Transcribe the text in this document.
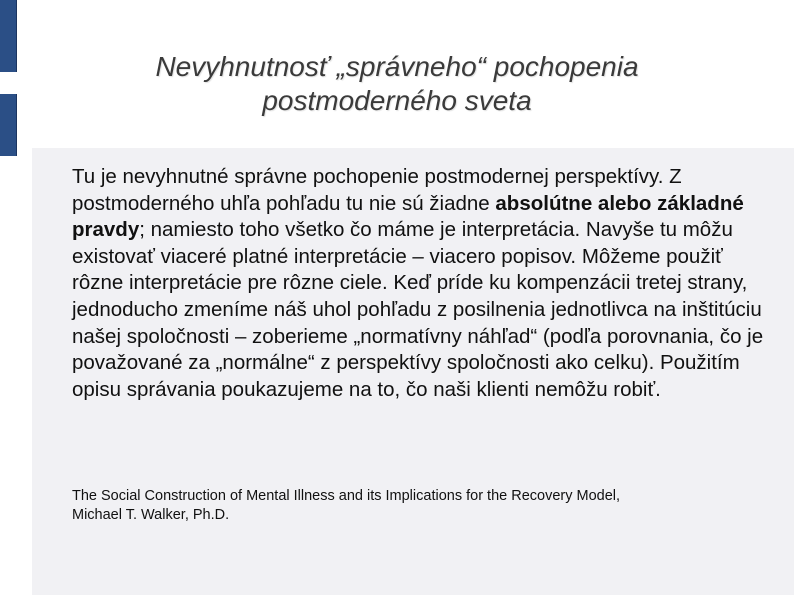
Nevyhnutnosť „správneho“ pochopenia
postmoderného sveta
Tu je nevyhnutné správne pochopenie postmodernej perspektívy. Z postmoderného uhľa pohľadu tu nie sú žiadne absolútne alebo základné pravdy; namiesto toho všetko čo máme je interpretácia. Navyše tu môžu existovať viaceré platné interpretácie – viacero popisov. Môžeme použiť rôzne interpretácie pre rôzne ciele. Keď príde ku kompenzácii tretej strany, jednoducho zmeníme náš uhol pohľadu z posilnenia jednotlivca na inštitúciu našej spoločnosti – zoberieme „normatívny náhľad“ (podľa porovnania, čo je považované za „normálne“ z perspektívy spoločnosti ako celku). Použitím opisu správania poukazujeme na to, čo naši klienti nemôžu robiť.
The Social Construction of Mental Illness and its Implications for the Recovery Model,
Michael T. Walker, Ph.D.
